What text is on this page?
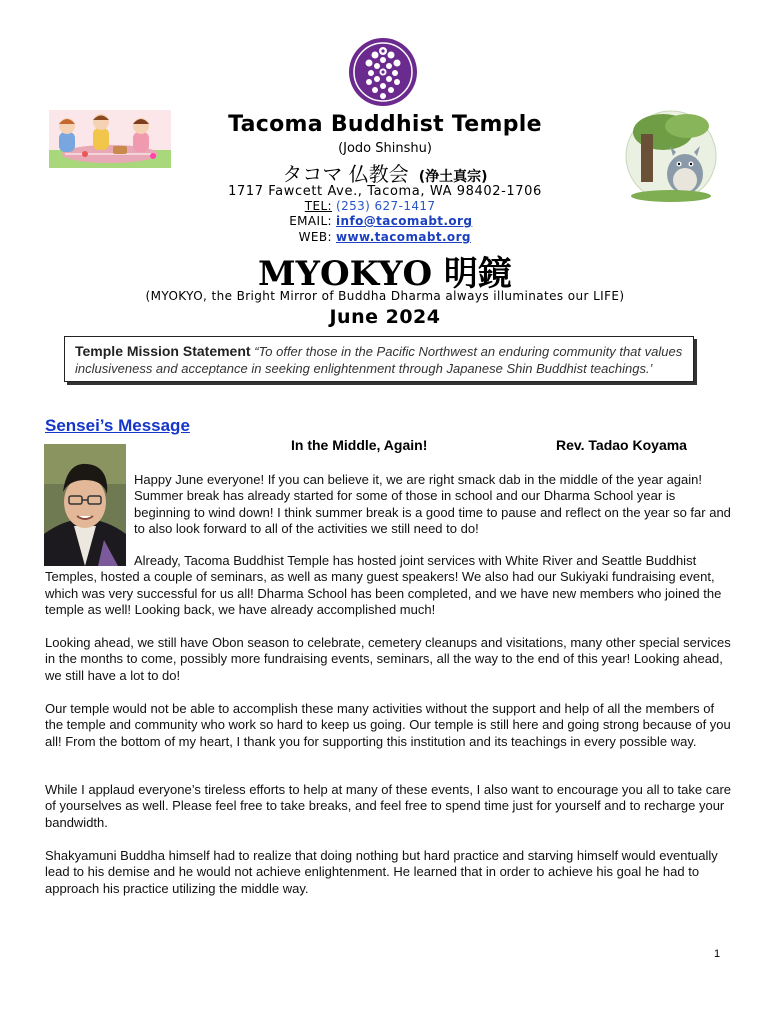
Tacoma Buddhist Temple
(Jodo Shinshu)
タコマ 仏教会 (浄土真宗)
1717 Fawcett Ave., Tacoma, WA 98402-1706
TEL: (253) 627-1417
EMAIL: info@tacomabt.org
WEB: www.tacomabt.org
MYOKYO 明鏡
(MYOKYO, the Bright Mirror of Buddha Dharma always illuminates our LIFE)
June 2024
Temple Mission Statement “To offer those in the Pacific Northwest an enduring community that values inclusiveness and acceptance in seeking enlightenment through Japanese Shin Buddhist teachings.’
Sensei’s Message
In the Middle, Again!	Rev. Tadao Koyama
Happy June everyone! If you can believe it, we are right smack dab in the middle of the year again! Summer break has already started for some of those in school and our Dharma School year is beginning to wind down! I think summer break is a good time to pause and reflect on the year so far and to also look forward to all of the activities we still need to do!
Already, Tacoma Buddhist Temple has hosted joint services with White River and Seattle Buddhist Temples, hosted a couple of seminars, as well as many guest speakers! We also had our Sukiyaki fundraising event, which was very successful for us all! Dharma School has been completed, and we have new members who joined the temple as well! Looking back, we have already accomplished much!
Looking ahead, we still have Obon season to celebrate, cemetery cleanups and visitations, many other special services in the months to come, possibly more fundraising events, seminars, all the way to the end of this year! Looking ahead, we still have a lot to do!
Our temple would not be able to accomplish these many activities without the support and help of all the members of the temple and community who work so hard to keep us going. Our temple is still here and going strong because of you all! From the bottom of my heart, I thank you for supporting this institution and its teachings in every possible way.
While I applaud everyone’s tireless efforts to help at many of these events, I also want to encourage you all to take care of yourselves as well. Please feel free to take breaks, and feel free to spend time just for yourself and to recharge your bandwidth.
Shakyamuni Buddha himself had to realize that doing nothing but hard practice and starving himself would eventually lead to his demise and he would not achieve enlightenment. He learned that in order to achieve his goal he had to approach his practice utilizing the middle way.
1
